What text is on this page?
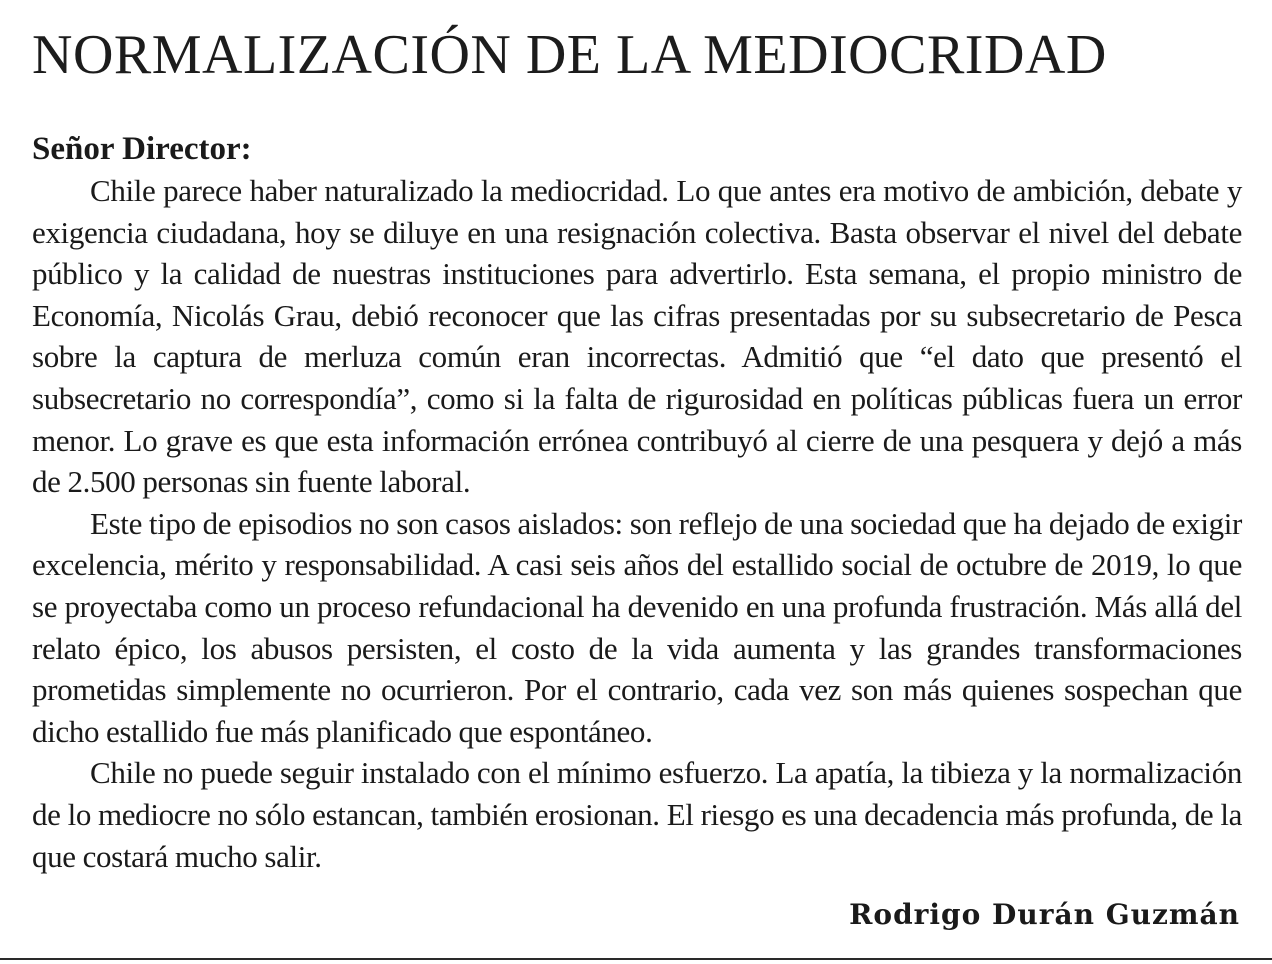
NORMALIZACIÓN DE LA MEDIOCRIDAD

Señor Director:

Chile parece haber naturalizado la mediocridad. Lo que antes era motivo de ambición, debate y exigencia ciudadana, hoy se diluye en una resignación colectiva. Basta observar el nivel del debate público y la calidad de nuestras instituciones para advertirlo. Esta semana, el propio ministro de Economía, Nicolás Grau, debió reconocer que las cifras presentadas por su subsecretario de Pesca sobre la captura de merluza común eran incorrectas. Admitió que “el dato que presentó el subsecretario no correspondía”, como si la falta de rigurosidad en políticas públicas fuera un error menor. Lo grave es que esta información errónea contribuyó al cierre de una pesquera y dejó a más de 2.500 personas sin fuente laboral.

Este tipo de episodios no son casos aislados: son reflejo de una sociedad que ha dejado de exigir excelencia, mérito y responsabilidad. A casi seis años del estallido social de octubre de 2019, lo que se proyectaba como un proceso refundacional ha devenido en una profunda frustración. Más allá del relato épico, los abusos persisten, el costo de la vida aumenta y las grandes transformaciones prometidas simplemente no ocurrieron. Por el contrario, cada vez son más quienes sospechan que dicho estallido fue más planificado que espontáneo.

Chile no puede seguir instalado con el mínimo esfuerzo. La apatía, la tibieza y la normalización de lo mediocre no sólo estancan, también erosionan. El riesgo es una decadencia más profunda, de la que costará mucho salir.

Rodrigo Durán Guzmán
